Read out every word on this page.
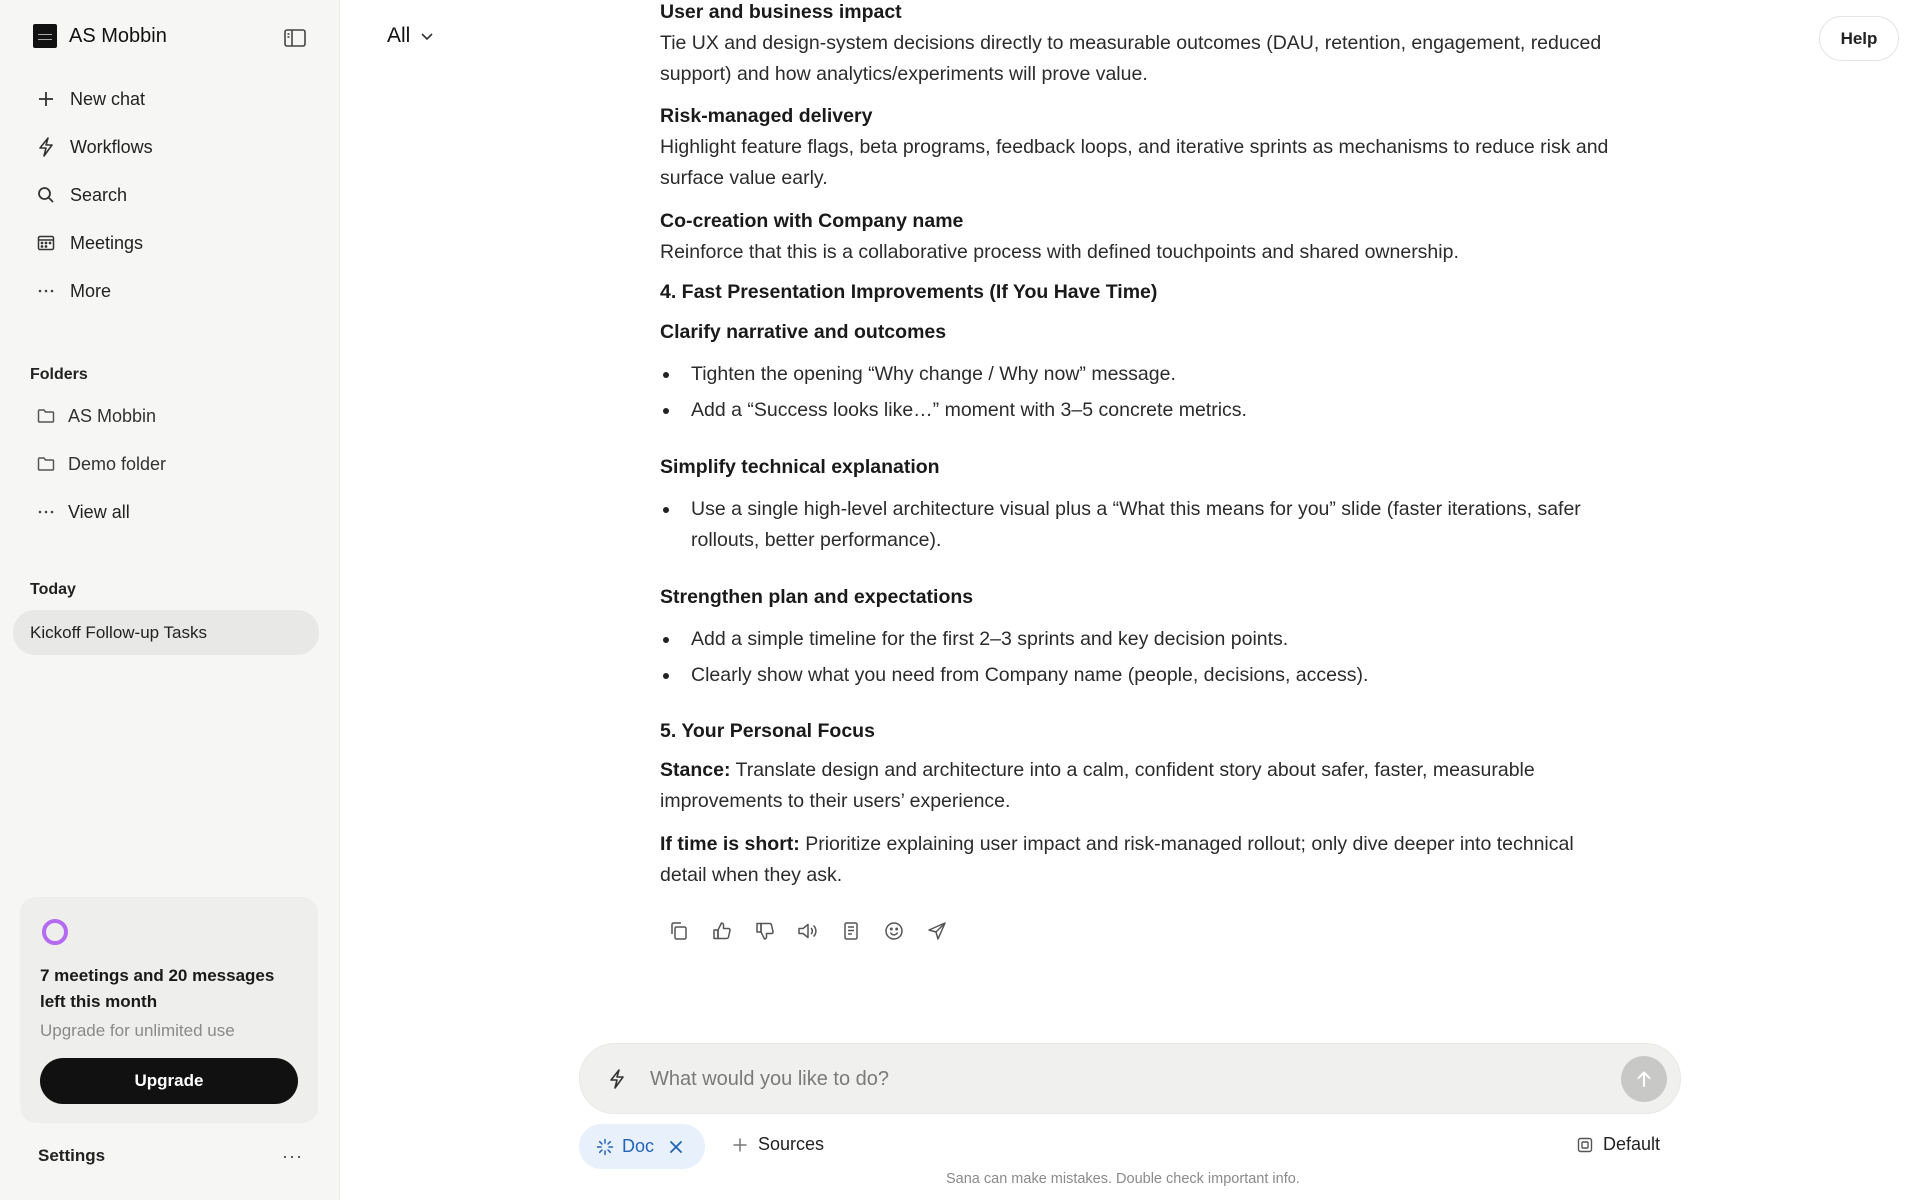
AS Mobbin
New chat
Workflows
Search
Meetings
More
Folders
AS Mobbin
Demo folder
View all
Today
Kickoff Follow-up Tasks
7 meetings and 20 messages left this month
Upgrade for unlimited use
Upgrade
Settings	···
All	Help

User and business impact

Tie UX and design-system decisions directly to measurable outcomes (DAU, retention, engagement, reduced support) and how analytics/experiments will prove value.

Risk-managed delivery

Highlight feature flags, beta programs, feedback loops, and iterative sprints as mechanisms to reduce risk and surface value early.

Co-creation with Company name

Reinforce that this is a collaborative process with defined touchpoints and shared ownership.

4. Fast Presentation Improvements (If You Have Time)

Clarify narrative and outcomes

Tighten the opening “Why change / Why now” message.
Add a “Success looks like…” moment with 3–5 concrete metrics.

Simplify technical explanation

Use a single high-level architecture visual plus a “What this means for you” slide (faster iterations, safer rollouts, better performance).

Strengthen plan and expectations

Add a simple timeline for the first 2–3 sprints and key decision points.
Clearly show what you need from Company name (people, decisions, access).
5. Your Personal Focus
Stance: Translate design and architecture into a calm, confident story about safer, faster, measurable improvements to their users’ experience.
If time is short: Prioritize explaining user impact and risk-managed rollout; only dive deeper into technical detail when they ask.
What would you like to do?
Doc	Sources	Default
Sana can make mistakes. Double check important info.
